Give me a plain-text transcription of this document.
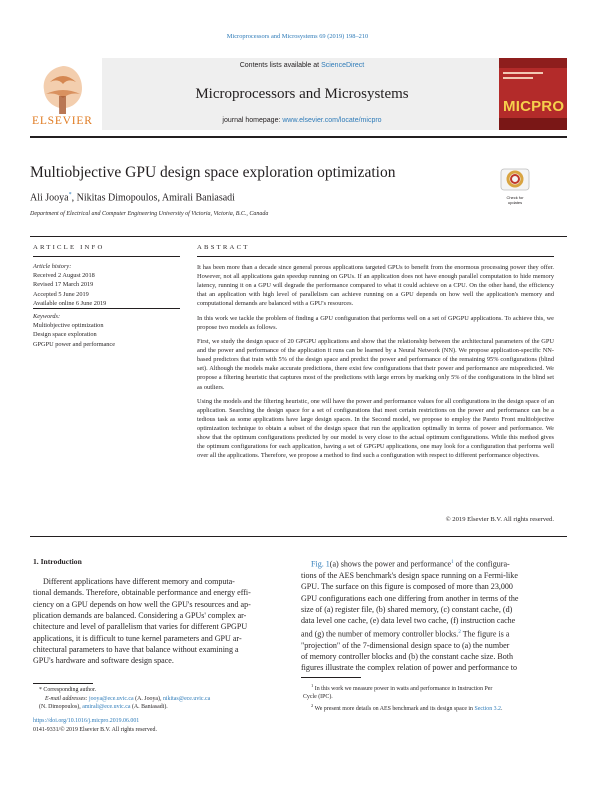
Microprocessors and Microsystems 69 (2019) 198–210
ELSEVIER
Contents lists available at ScienceDirect
Microprocessors and Microsystems
journal homepage: www.elsevier.com/locate/micpro
MICPRO
Multiobjective GPU design space exploration optimization
Check for updates
Ali Jooya*, Nikitas Dimopoulos, Amirali Baniasadi
Department of Electrical and Computer Engineering University of Victoria, Victoria, B.C., Canada
ARTICLE INFO
Article history:
Received 2 August 2018
Revised 17 March 2019
Accepted 5 June 2019
Available online 6 June 2019
Keywords:
Multiobjective optimization
Design space exploration
GPGPU power and performance
ABSTRACT

It has been more than a decade since general porous applications targeted GPUs to benefit from the enormous processing power they offer. However, not all applications gain speedup running on GPUs. If an application does not have enough parallel computation to hide memory latency, running it on a GPU will degrade the performance compared to what it could achieve on a CPU. On the other hand, the efficiency that an application with high level of parallelism can achieve running on a GPU depends on how well the application's memory and computational demands are balanced with a GPU's resources.

In this work we tackle the problem of finding a GPU configuration that performs well on a set of GPGPU applications. To achieve this, we propose two models as follows.

First, we study the design space of 20 GPGPU applications and show that the relationship between the architectural parameters of the GPU and the power and performance of the application it runs can be learned by a Neural Network (NN). We propose application-specific NN-based predictors that train with 5% of the design space and predict the power and performance of the remaining 95% configurations (blind set). Although the models make accurate predictions, there exist few configurations that their power and performance are mispredicted. We propose a filtering heuristic that captures most of the predictions with large errors by marking only 5% of the configurations in the blind set as outliers.

Using the models and the filtering heuristic, one will have the power and performance values for all configurations in the design space of an application. Searching the design space for a set of configurations that meet certain restrictions on the power and performance can be a tedious task as some applications have large design spaces. In the Second model, we propose to employ the Pareto Front multiobjective optimization technique to obtain a subset of the design space that run the application optimally in terms of power and performance. We show that the optimum configurations predicted by our model is very close to the actual optimum configurations. While this method gives the optimum configurations for each application, having a set of GPGPU applications, one may look for a configuration that performs well over all the applications. Therefore, we propose a method to find such a configuration with respect to different performance objectives.

© 2019 Elsevier B.V. All rights reserved.
1. Introduction
Different applications have different memory and computa-
tional demands. Therefore, obtainable performance and energy effi-
ciency on a GPU depends on how well the GPU's resources and ap-
plication demands are balanced. Considering a GPUs' complex ar-
chitecture and level of parallelism that varies for different GPGPU
applications, it is difficult to tune kernel parameters and GPU ar-
chitectural parameters to have that balance without examining a
GPU's hardware and software design space.
Fig. 1(a) shows the power and performance$^1$ of the configura-
tions of the AES benchmark's design space running on a Fermi-like
GPU. The surface on this figure is composed of more than 23,000
GPU configurations each one differing from another in terms of the
size of (a) register file, (b) shared memory, (c) constant cache, (d)
data level one cache, (e) data level two cache, (f) instruction cache
and (g) the number of memory controller blocks.$^2$ The figure is a
"projection" of the 7-dimensional design space to (a) the number
of memory controller blocks and (b) the constant cache size. Both
figures illustrate the complex relation of power and performance to
* Corresponding author.
E-mail addresses: jooya@ece.uvic.ca (A. Jooya), nikitas@ece.uvic.ca
(N. Dimopoulos), amirali@ece.uvic.ca (A. Baniasadi).
$^1$ In this work we measure power in watts and performance in Instruction Per
Cycle (IPC).
$^2$ We present more details on AES benchmark and its design space in Section 3.2.
https://doi.org/10.1016/j.micpro.2019.06.001
0141-9331/© 2019 Elsevier B.V. All rights reserved.
